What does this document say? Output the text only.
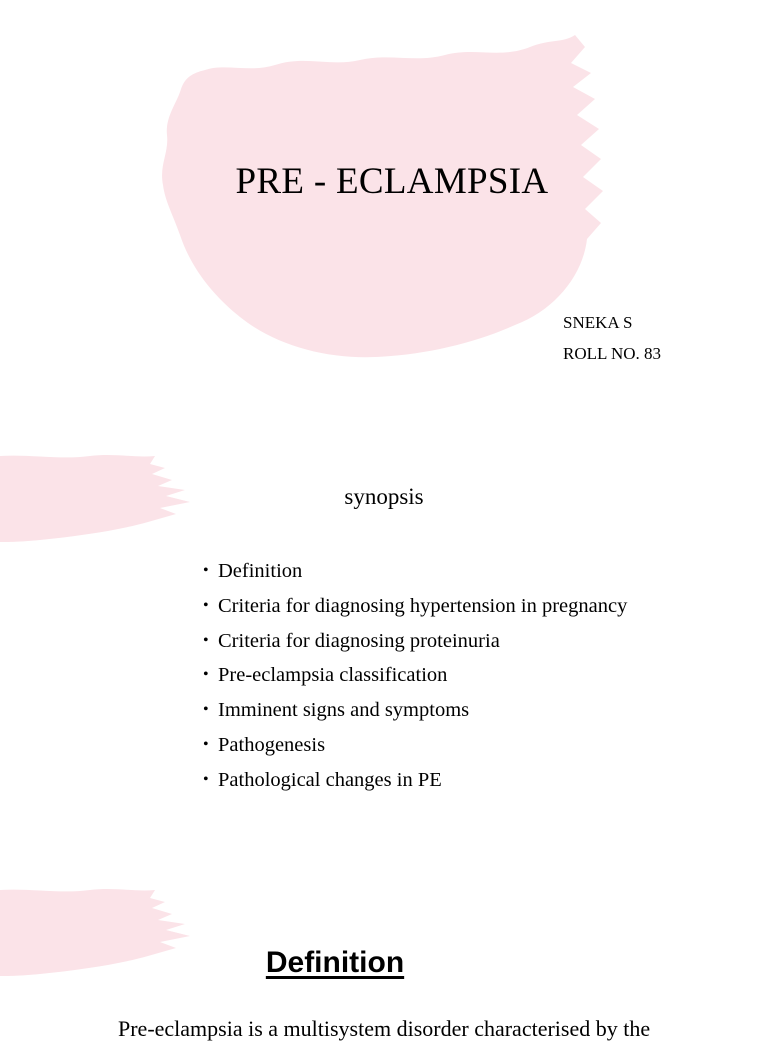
PRE - ECLAMPSIA
SNEKA S
ROLL NO. 83
synopsis
• Definition
• Criteria for diagnosing hypertension in pregnancy
• Criteria for diagnosing proteinuria
• Pre-eclampsia classification
• Imminent signs and symptoms
• Pathogenesis
• Pathological changes in PE
Definition

Pre-eclampsia is a multisystem disorder characterised by the
